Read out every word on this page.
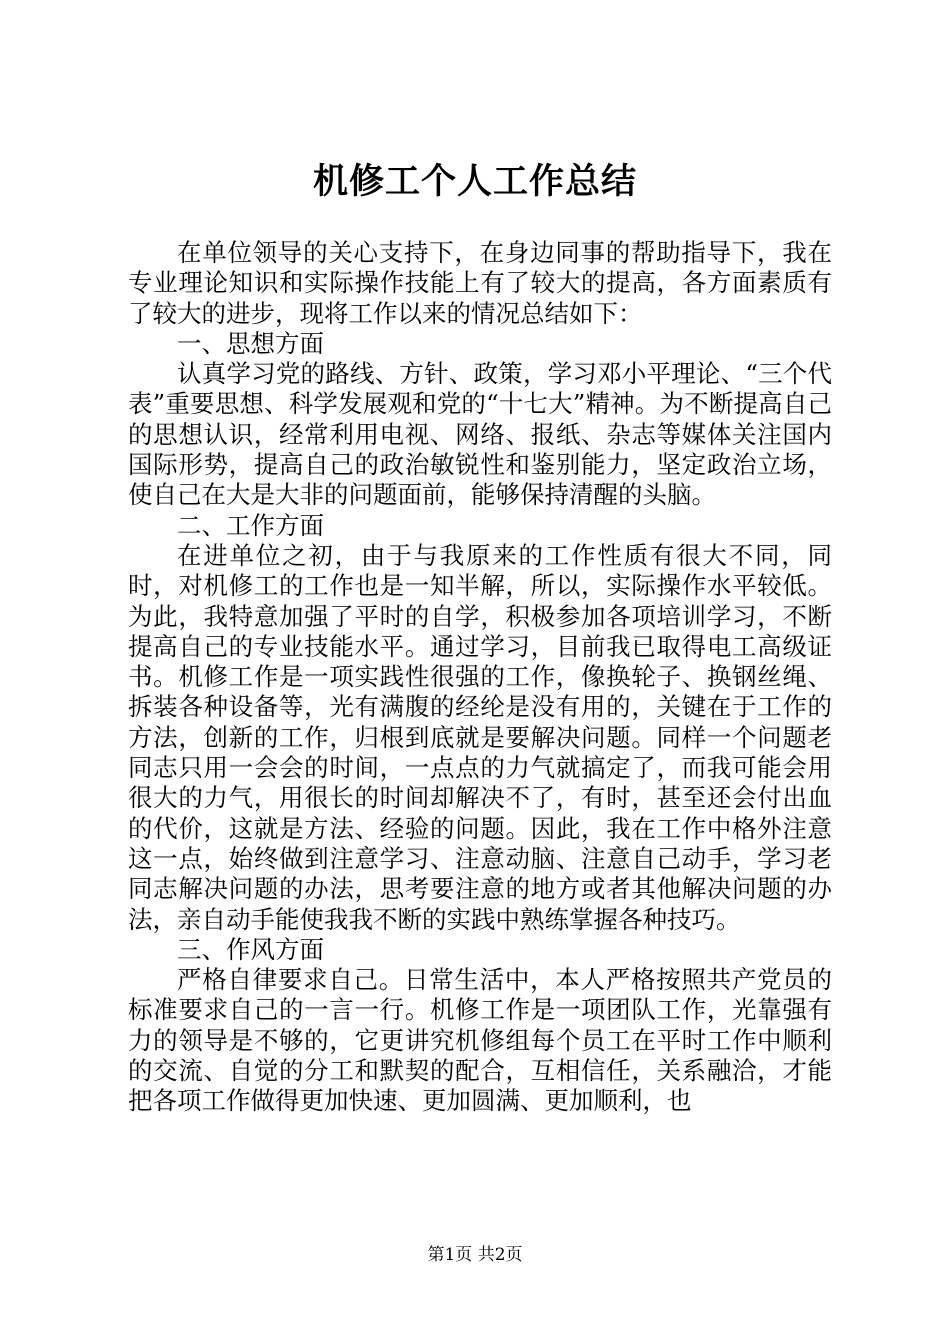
机修工个人工作总结

在单位领导的关心支持下，在身边同事的帮助指导下，我在专业理论知识和实际操作技能上有了较大的提高，各方面素质有了较大的进步，现将工作以来的情况总结如下：

一、思想方面

认真学习党的路线、方针、政策，学习邓小平理论、“三个代表”重要思想、科学发展观和党的“十七大”精神。为不断提高自己的思想认识，经常利用电视、网络、报纸、杂志等媒体关注国内国际形势，提高自己的政治敏锐性和鉴别能力，坚定政治立场，使自己在大是大非的问题面前，能够保持清醒的头脑。

二、工作方面

在进单位之初，由于与我原来的工作性质有很大不同，同时，对机修工的工作也是一知半解，所以，实际操作水平较低。为此，我特意加强了平时的自学，积极参加各项培训学习，不断提高自己的专业技能水平。通过学习，目前我已取得电工高级证书。机修工作是一项实践性很强的工作，像换轮子、换钢丝绳、拆装各种设备等，光有满腹的经纶是没有用的，关键在于工作的方法，创新的工作，归根到底就是要解决问题。同样一个问题老同志只用一会会的时间，一点点的力气就搞定了，而我可能会用很大的力气，用很长的时间却解决不了，有时，甚至还会付出血的代价，这就是方法、经验的问题。因此，我在工作中格外注意这一点，始终做到注意学习、注意动脑、注意自己动手，学习老同志解决问题的办法，思考要注意的地方或者其他解决问题的办法，亲自动手能使我我不断的实践中熟练掌握各种技巧。

三、作风方面

严格自律要求自己。日常生活中，本人严格按照共产党员的标准要求自己的一言一行。机修工作是一项团队工作，光靠强有力的领导是不够的，它更讲究机修组每个员工在平时工作中顺利的交流、自觉的分工和默契的配合，互相信任，关系融洽，才能把各项工作做得更加快速、更加圆满、更加顺利，也

第1页 共2页
